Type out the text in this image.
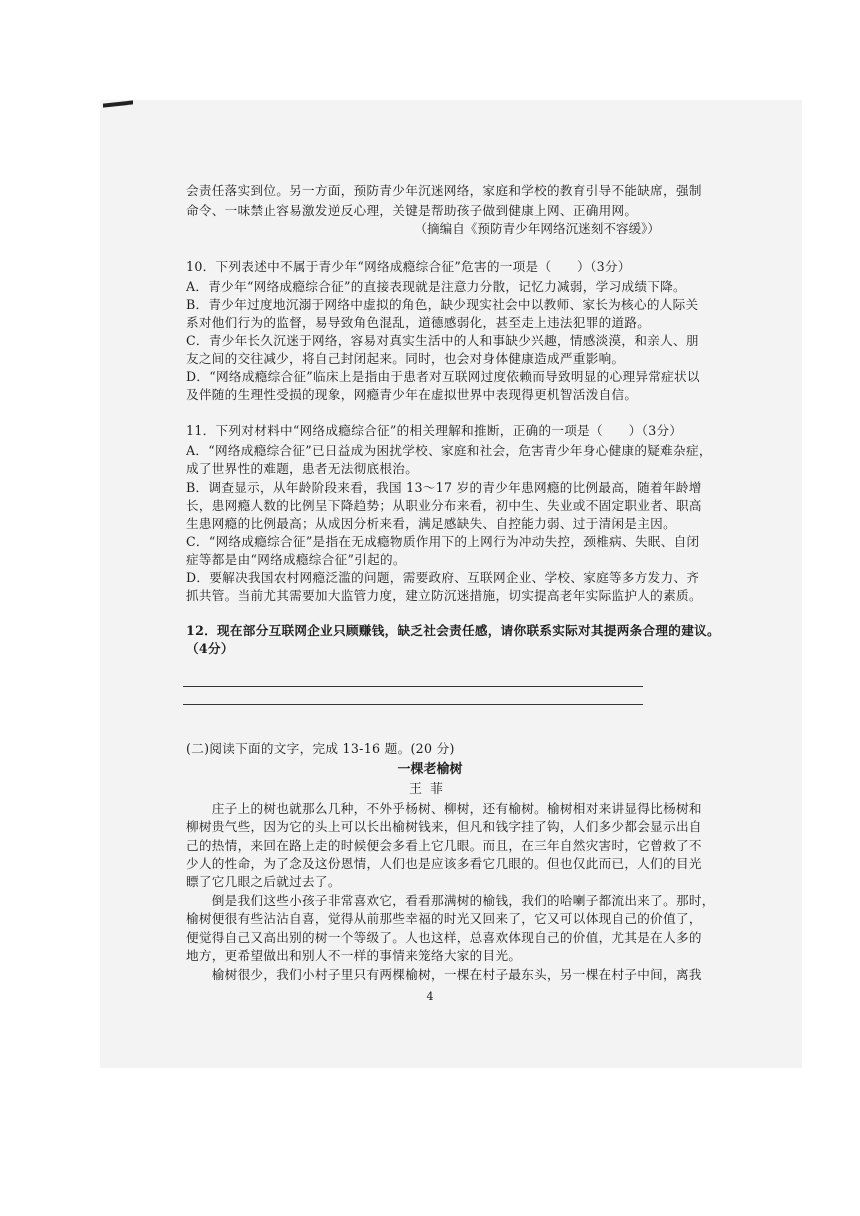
会责任落实到位。另一方面，预防青少年沉迷网络，家庭和学校的教育引导不能缺席，强制
命令、一味禁止容易激发逆反心理，关键是帮助孩子做到健康上网、正确用网。
（摘编自《预防青少年网络沉迷刻不容缓》）
10．下列表述中不属于青少年“网络成瘾综合征”危害的一项是（　　）（3分）
A．青少年“网络成瘾综合征”的直接表现就是注意力分散，记忆力减弱，学习成绩下降。
B．青少年过度地沉溺于网络中虚拟的角色，缺少现实社会中以教师、家长为核心的人际关
系对他们行为的监督，易导致角色混乱，道德感弱化，甚至走上违法犯罪的道路。
C．青少年长久沉迷于网络，容易对真实生活中的人和事缺少兴趣，情感淡漠，和亲人、朋
友之间的交往减少，将自己封闭起来。同时，也会对身体健康造成严重影响。
D．“网络成瘾综合征”临床上是指由于患者对互联网过度依赖而导致明显的心理异常症状以
及伴随的生理性受损的现象，网瘾青少年在虚拟世界中表现得更机智活泼自信。
11．下列对材料中“网络成瘾综合征”的相关理解和推断，正确的一项是（　　）（3分）
A．“网络成瘾综合征”已日益成为困扰学校、家庭和社会，危害青少年身心健康的疑难杂症，
成了世界性的难题，患者无法彻底根治。
B．调查显示，从年龄阶段来看，我国 13～17 岁的青少年患网瘾的比例最高，随着年龄增
长，患网瘾人数的比例呈下降趋势；从职业分布来看，初中生、失业或不固定职业者、职高
生患网瘾的比例最高；从成因分析来看，满足感缺失、自控能力弱、过于清闲是主因。
C．“网络成瘾综合征”是指在无成瘾物质作用下的上网行为冲动失控，颈椎病、失眠、自闭
症等都是由“网络成瘾综合征”引起的。
D．要解决我国农村网瘾泛滥的问题，需要政府、互联网企业、学校、家庭等多方发力、齐
抓共管。当前尤其需要加大监管力度，建立防沉迷措施，切实提高老年实际监护人的素质。
12．现在部分互联网企业只顾赚钱，缺乏社会责任感，请你联系实际对其提两条合理的建议。
（4分）
(二)阅读下面的文字，完成 13-16 题。(20 分)
一棵老榆树
王菲
　　庄子上的树也就那么几种，不外乎杨树、柳树，还有榆树。榆树相对来讲显得比杨树和
柳树贵气些，因为它的头上可以长出榆树钱来，但凡和钱字挂了钩，人们多少都会显示出自
己的热情，来回在路上走的时候便会多看上它几眼。而且，在三年自然灾害时，它曾救了不
少人的性命，为了念及这份恩情，人们也是应该多看它几眼的。但也仅此而已，人们的目光
瞟了它几眼之后就过去了。
　　倒是我们这些小孩子非常喜欢它，看看那满树的榆钱，我们的哈喇子都流出来了。那时，
榆树便很有些沾沾自喜，觉得从前那些幸福的时光又回来了，它又可以体现自己的价值了，
便觉得自己又高出别的树一个等级了。人也这样，总喜欢体现自己的价值，尤其是在人多的
地方，更希望做出和别人不一样的事情来笼络大家的目光。
　　榆树很少，我们小村子里只有两棵榆树，一棵在村子最东头，另一棵在村子中间，离我
4
